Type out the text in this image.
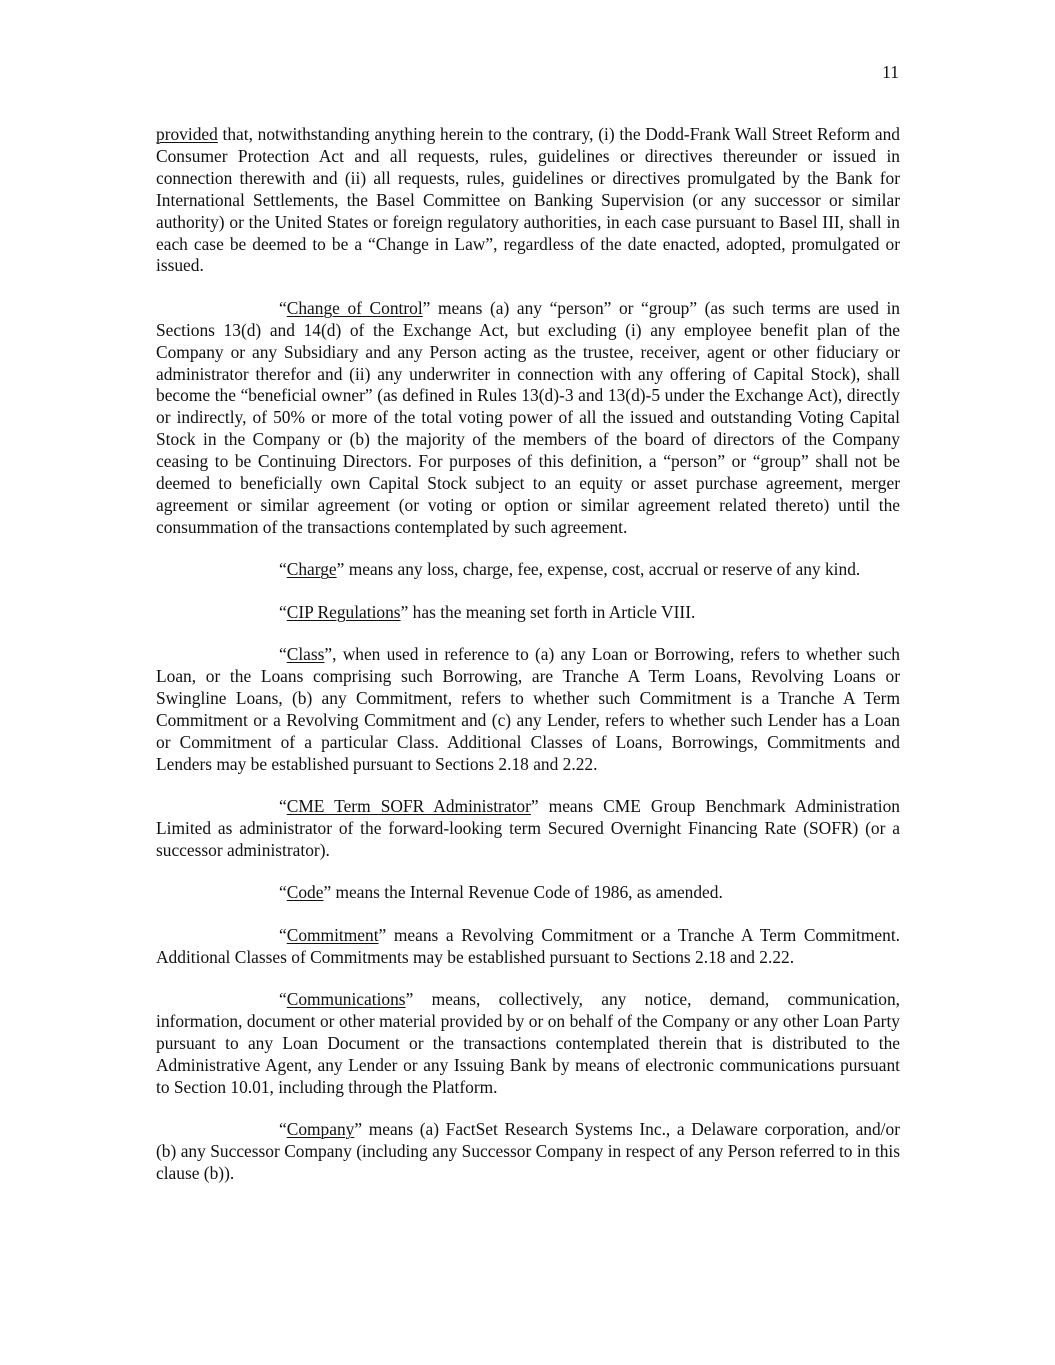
11

provided that, notwithstanding anything herein to the contrary, (i) the Dodd-Frank Wall Street Reform and Consumer Protection Act and all requests, rules, guidelines or directives thereunder or issued in connection therewith and (ii) all requests, rules, guidelines or directives promulgated by the Bank for International Settlements, the Basel Committee on Banking Supervision (or any successor or similar authority) or the United States or foreign regulatory authorities, in each case pursuant to Basel III, shall in each case be deemed to be a “Change in Law”, regardless of the date enacted, adopted, promulgated or issued.

“Change of Control” means (a) any “person” or “group” (as such terms are used in Sections 13(d) and 14(d) of the Exchange Act, but excluding (i) any employee benefit plan of the Company or any Subsidiary and any Person acting as the trustee, receiver, agent or other fiduciary or administrator therefor and (ii) any underwriter in connection with any offering of Capital Stock), shall become the “beneficial owner” (as defined in Rules 13(d)-3 and 13(d)-5 under the Exchange Act), directly or indirectly, of 50% or more of the total voting power of all the issued and outstanding Voting Capital Stock in the Company or (b) the majority of the members of the board of directors of the Company ceasing to be Continuing Directors. For purposes of this definition, a “person” or “group” shall not be deemed to beneficially own Capital Stock subject to an equity or asset purchase agreement, merger agreement or similar agreement (or voting or option or similar agreement related thereto) until the consummation of the transactions contemplated by such agreement.

“Charge” means any loss, charge, fee, expense, cost, accrual or reserve of any kind.

“CIP Regulations” has the meaning set forth in Article VIII.

“Class”, when used in reference to (a) any Loan or Borrowing, refers to whether such Loan, or the Loans comprising such Borrowing, are Tranche A Term Loans, Revolving Loans or Swingline Loans, (b) any Commitment, refers to whether such Commitment is a Tranche A Term Commitment or a Revolving Commitment and (c) any Lender, refers to whether such Lender has a Loan or Commitment of a particular Class. Additional Classes of Loans, Borrowings, Commitments and Lenders may be established pursuant to Sections 2.18 and 2.22.

“CME Term SOFR Administrator” means CME Group Benchmark Administration Limited as administrator of the forward-looking term Secured Overnight Financing Rate (SOFR) (or a successor administrator).

“Code” means the Internal Revenue Code of 1986, as amended.

“Commitment” means a Revolving Commitment or a Tranche A Term Commitment. Additional Classes of Commitments may be established pursuant to Sections 2.18 and 2.22.

“Communications” means, collectively, any notice, demand, communication, information, document or other material provided by or on behalf of the Company or any other Loan Party pursuant to any Loan Document or the transactions contemplated therein that is distributed to the Administrative Agent, any Lender or any Issuing Bank by means of electronic communications pursuant to Section 10.01, including through the Platform.

“Company” means (a) FactSet Research Systems Inc., a Delaware corporation, and/or (b) any Successor Company (including any Successor Company in respect of any Person referred to in this clause (b)).
